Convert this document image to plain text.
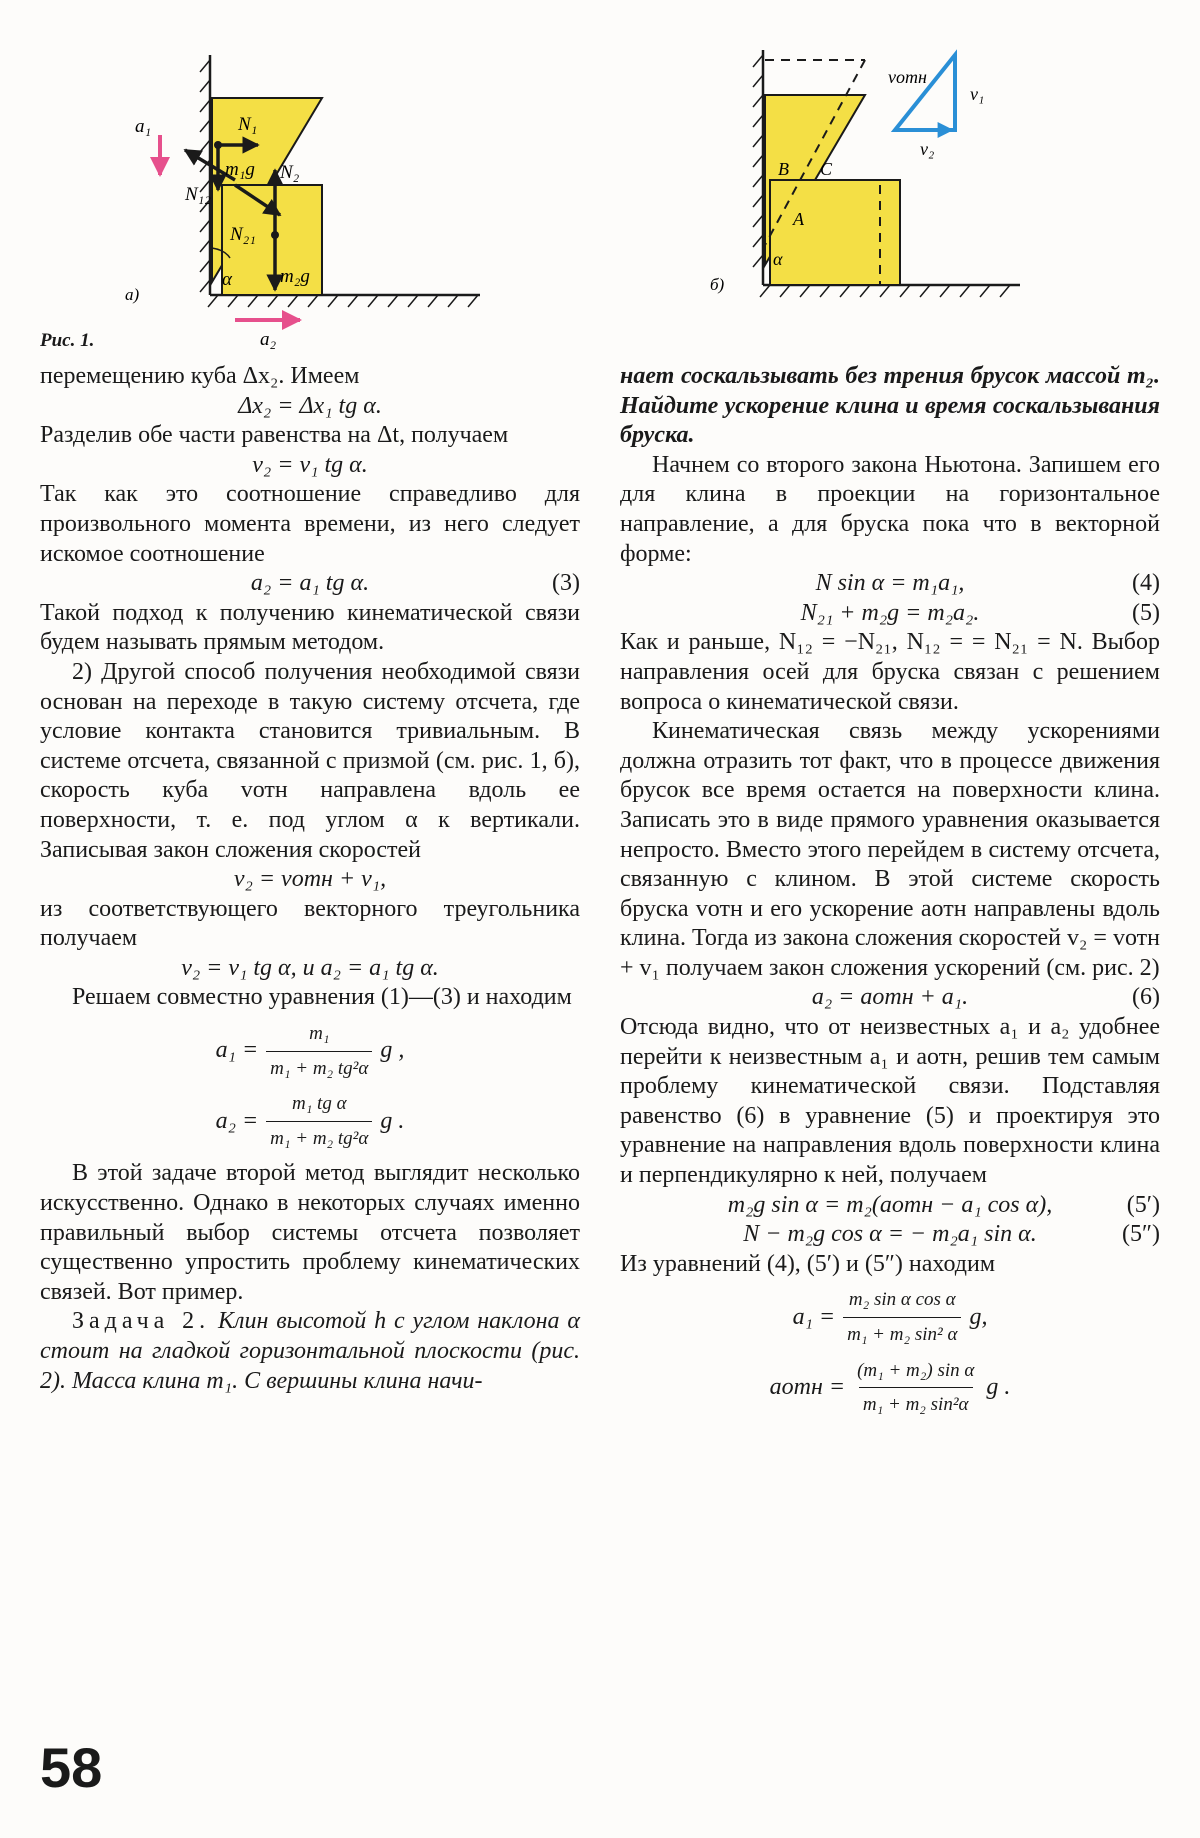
a₁	N₁
m₁g N₂
N₁₂
N₂₁
α	m₂g
a₂
a)
vотн
v₁
v₂
B C
A
α
б)
Рис. 1.

перемещению куба Δx₂. Имеем

Δx₂ = Δx₁ tg α.

Разделив обе части равенства на Δt, получаем

v₂ = v₁ tg α.

Так как это соотношение справедливо для произвольного момента времени, из него следует искомое соотношение

a₂ = a₁ tg α.	(3)

Такой подход к получению кинематической связи будем называть прямым методом.

2) Другой способ получения необходимой связи основан на переходе в такую систему отсчета, где условие контакта становится тривиальным. В системе отсчета, связанной с призмой (см. рис. 1, б), скорость куба vотн направлена вдоль ее поверхности, т. е. под углом α к вертикали. Записывая закон сложения скоростей

v₂ = vотн + v₁,

из соответствующего векторного треугольника получаем

v₂ = v₁ tg α, и a₂ = a₁ tg α.

Решаем совместно уравнения (1)—(3) и находим

$a_1 = \frac{\text{m₁}}{\text{m₁ + m₂ tg²α}}$ g ,
$a_2 = \frac{\text{m₁ tg α}}{\text{m₁ + m₂ tg²α}}$ g .

В этой задаче второй метод выглядит несколько искусственно. Однако в некоторых случаях именно правильный выбор системы отсчета позволяет существенно упростить проблему кинематических связей. Вот пример.

Задача 2. Клин высотой h с углом наклона α стоит на гладкой горизонтальной плоскости (рис. 2). Масса клина m₁. С вершины клина начи-

нает соскальзывать без трения брусок массой m₂. Найдите ускорение клина и время соскальзывания бруска.

Начнем со второго закона Ньютона. Запишем его для клина в проекции на горизонтальное направление, а для бруска пока что в векторной форме:

N sin α = m₁a₁,	(4)

N₂₁ + m₂g = m₂a₂.	(5)

Как и раньше, N₁₂ = −N₂₁, N₁₂ = = N₂₁ = N. Выбор направления осей для бруска связан с решением вопроса о кинематической связи.

Кинематическая связь между ускорениями должна отразить тот факт, что в процессе движения брусок все время остается на поверхности клина. Записать это в виде прямого уравнения оказывается непросто. Вместо этого перейдем в систему отсчета, связанную с клином. В этой системе скорость бруска vотн и его ускорение aотн направлены вдоль клина. Тогда из закона сложения скоростей v₂ = vотн + v₁ получаем закон сложения ускорений (см. рис. 2)

a₂ = aотн + a₁.	(6)

Отсюда видно, что от неизвестных a₁ и a₂ удобнее перейти к неизвестным a₁ и aотн, решив тем самым проблему кинематической связи. Подставляя равенство (6) в уравнение (5) и проектируя это уравнение на направления вдоль поверхности клина и перпендикулярно к ней, получаем

m₂g sin α = m₂(aотн − a₁ cos α),	(5′)

N − m₂g cos α = − m₂a₁ sin α.	(5″)

Из уравнений (4), (5′) и (5″) находим

$a_1 = \frac{\text{m₂ sin α cos α}}{\text{m₁ + m₂ sin² α}} g$,
aотн = $\frac{\text{(m₁ + m₂) sin α}}{\text{m₁ + m₂ sin²α}}$ g .
58
